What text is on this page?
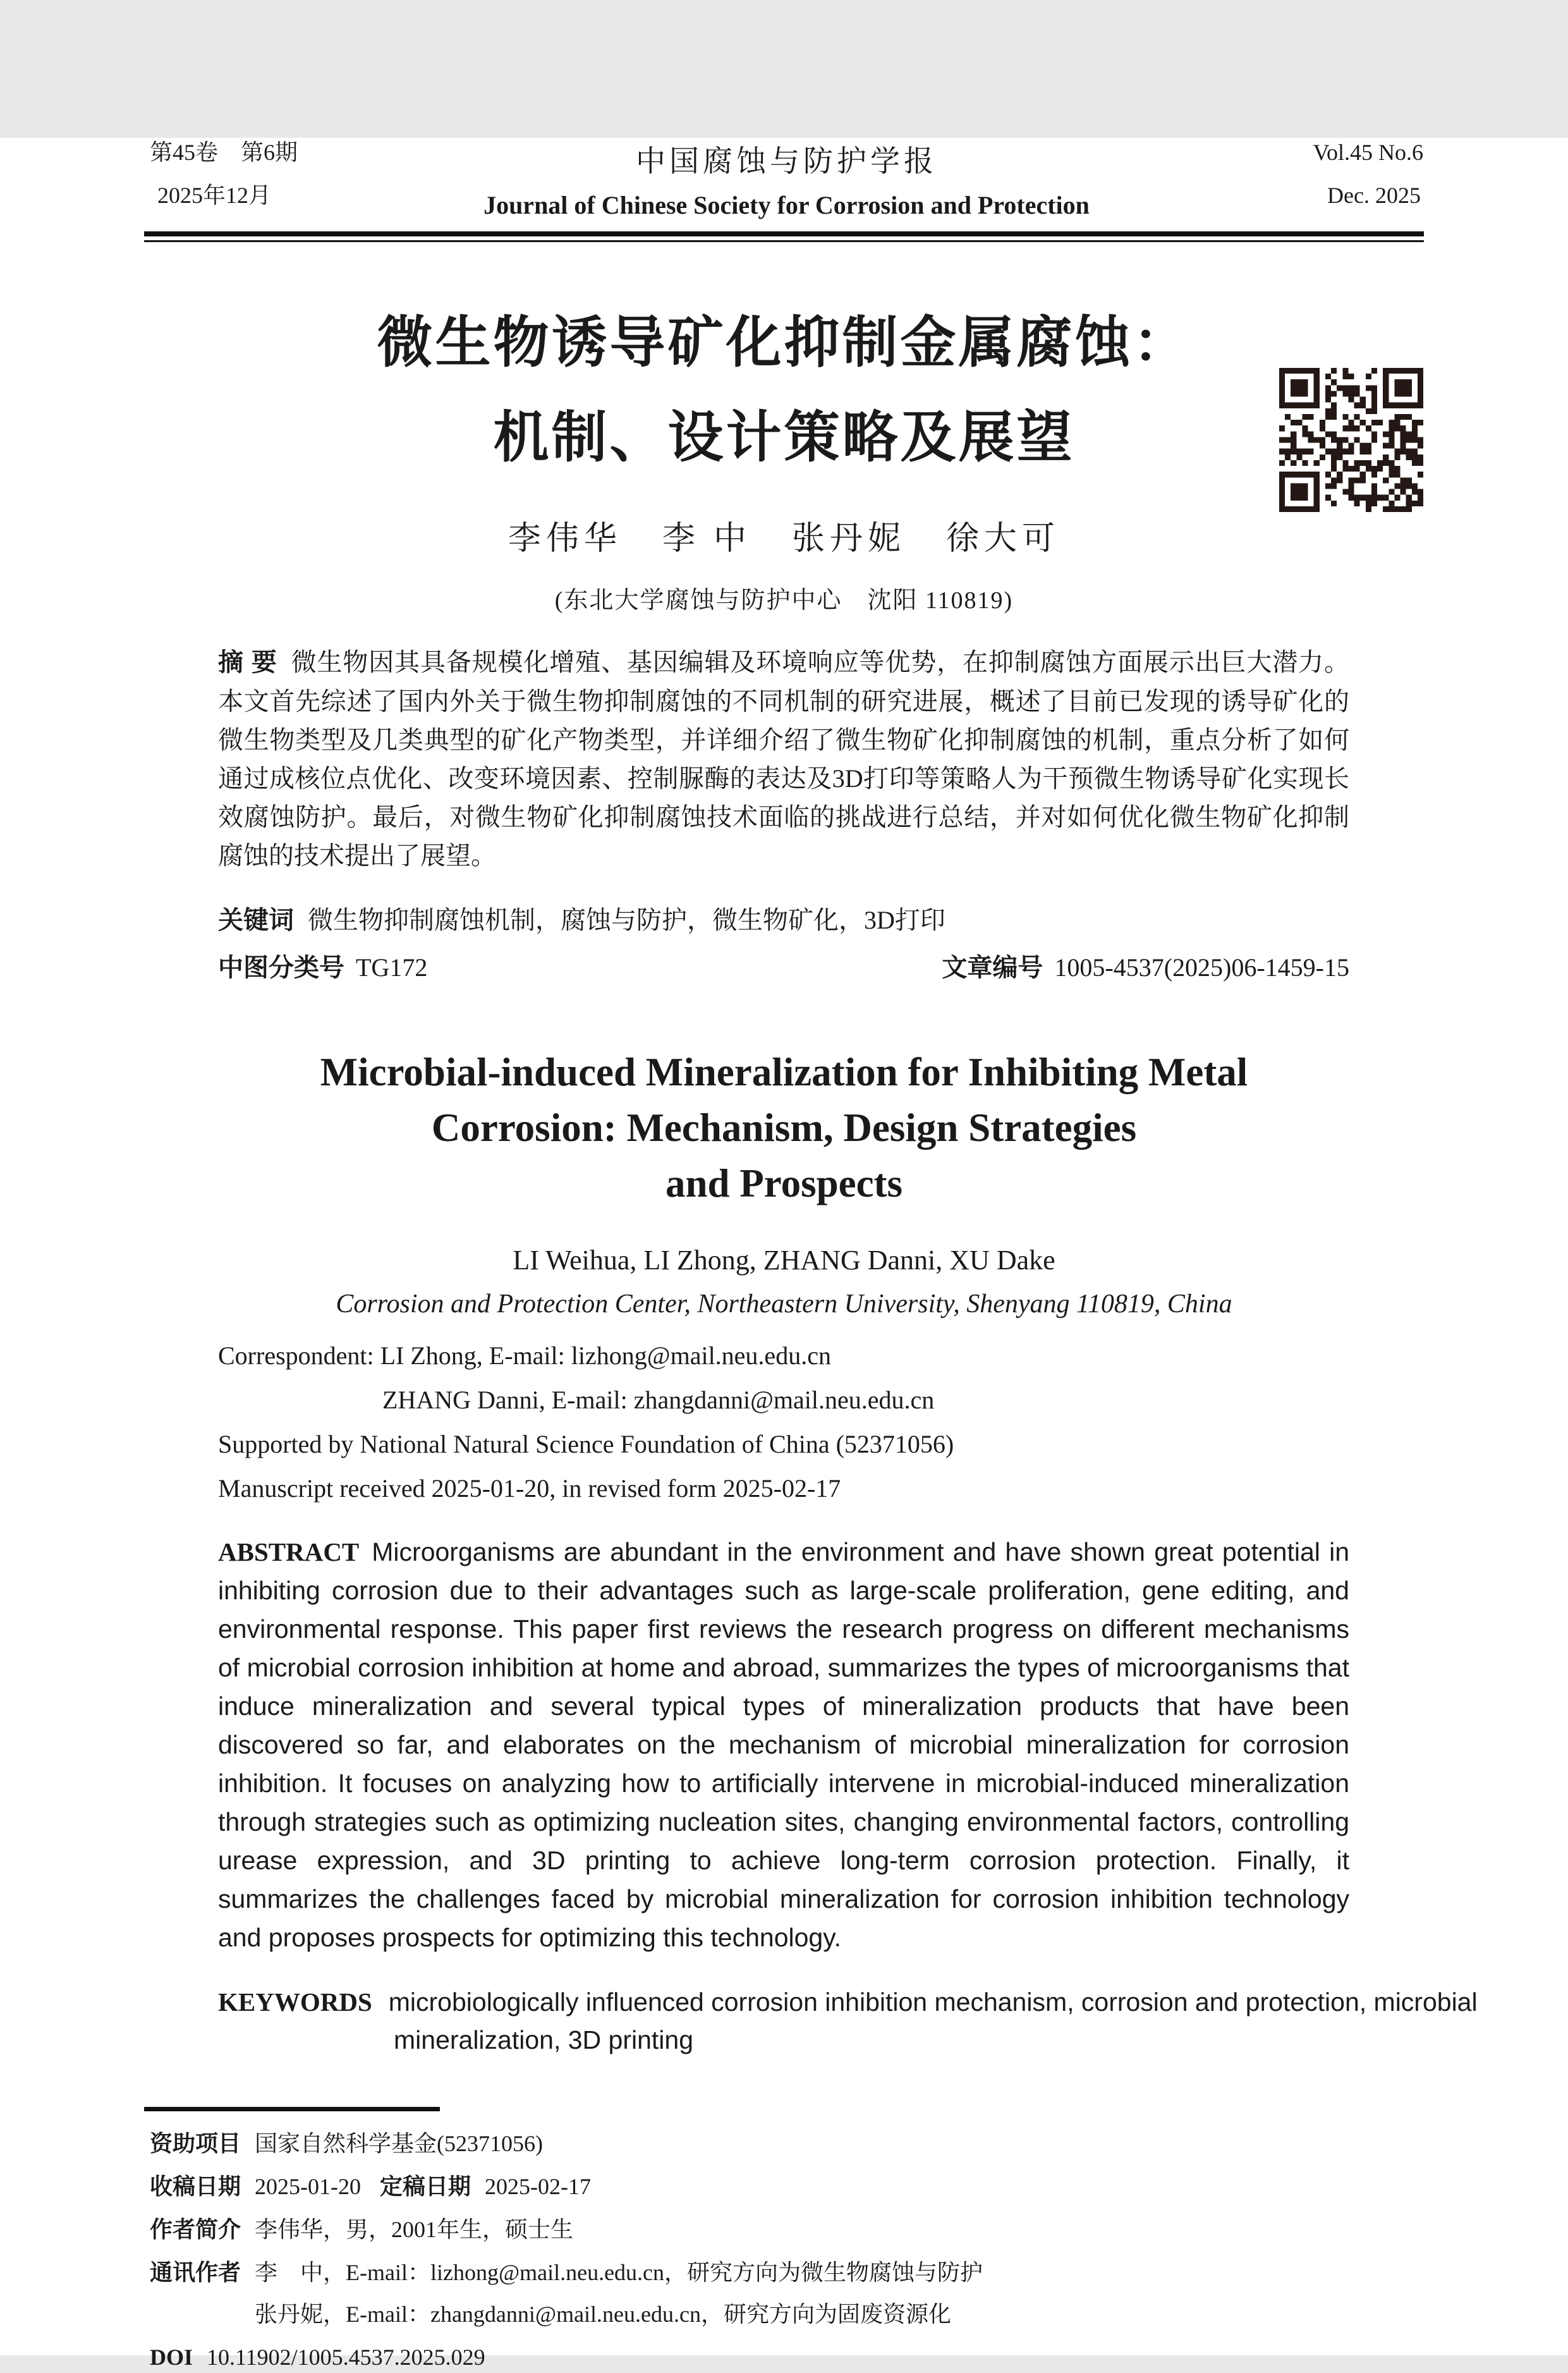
第45卷　第6期
2025年12月
中国腐蚀与防护学报
Journal of Chinese Society for Corrosion and Protection
Vol.45 No.6
Dec. 2025
微生物诱导矿化抑制金属腐蚀：
机制、设计策略及展望
李伟华 李 中 张丹妮 徐大可
(东北大学腐蚀与防护中心　沈阳 110819)

摘 要 微生物因其具备规模化增殖、基因编辑及环境响应等优势，在抑制腐蚀方面展示出巨大潜力。本文首先综述了国内外关于微生物抑制腐蚀的不同机制的研究进展，概述了目前已发现的诱导矿化的微生物类型及几类典型的矿化产物类型，并详细介绍了微生物矿化抑制腐蚀的机制，重点分析了如何通过成核位点优化、改变环境因素、控制脲酶的表达及3D打印等策略人为干预微生物诱导矿化实现长效腐蚀防护。最后，对微生物矿化抑制腐蚀技术面临的挑战进行总结，并对如何优化微生物矿化抑制腐蚀的技术提出了展望。

关键词 微生物抑制腐蚀机制，腐蚀与防护，微生物矿化，3D打印
中图分类号 TG172	文章编号 1005-4537(2025)06-1459-15
Microbial-induced Mineralization for Inhibiting Metal
Corrosion: Mechanism, Design Strategies
and Prospects
LI Weihua, LI Zhong, ZHANG Danni, XU Dake
Corrosion and Protection Center, Northeastern University, Shenyang 110819, China
Correspondent: LI Zhong, E-mail: lizhong@mail.neu.edu.cn
ZHANG Danni, E-mail: zhangdanni@mail.neu.edu.cn
Supported by National Natural Science Foundation of China (52371056)
Manuscript received 2025-01-20, in revised form 2025-02-17

ABSTRACT Microorganisms are abundant in the environment and have shown great potential in inhibiting corrosion due to their advantages such as large-scale proliferation, gene editing, and environmental response. This paper first reviews the research progress on different mechanisms of microbial corrosion inhibition at home and abroad, summarizes the types of microorganisms that induce mineralization and several typical types of mineralization products that have been discovered so far, and elaborates on the mechanism of microbial mineralization for corrosion inhibition. It focuses on analyzing how to artificially intervene in microbial-induced mineralization through strategies such as optimizing nucleation sites, changing environmental factors, controlling urease expression, and 3D printing to achieve long-term corrosion protection. Finally, it summarizes the challenges faced by microbial mineralization for corrosion inhibition technology and proposes prospects for optimizing this technology.

KEYWORDS microbiologically influenced corrosion inhibition mechanism, corrosion and protection, microbial mineralization, 3D printing
资助项目 国家自然科学基金(52371056)
收稿日期 2025-01-20 定稿日期 2025-02-17
作者简介 李伟华，男，2001年生，硕士生
通讯作者 李　中，E-mail：lizhong@mail.neu.edu.cn，研究方向为微生物腐蚀与防护
张丹妮，E-mail：zhangdanni@mail.neu.edu.cn，研究方向为固废资源化
DOI 10.11902/1005.4537.2025.029
